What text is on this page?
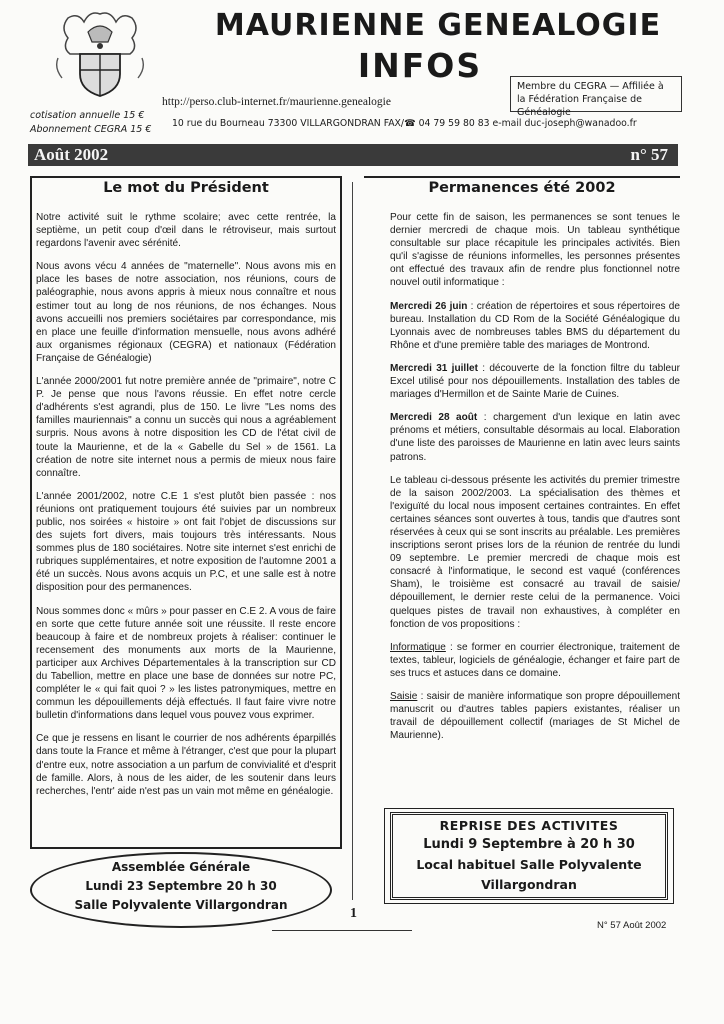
MAURIENNE GENEALOGIE
INFOS
Membre du CEGRA — Affiliée à la Fédération Française de Généalogie
http://perso.club-internet.fr/maurienne.genealogie
cotisation annuelle 15 €
Abonnement CEGRA 15 €
10 rue du Bourneau 73300 VILLARGONDRAN FAX/☎ 04 79 59 80 83 e-mail duc-joseph@wanadoo.fr
Août 2002	n° 57
Le mot du Président

Notre activité suit le rythme scolaire; avec cette rentrée, la septième, un petit coup d'œil dans le rétroviseur, mais surtout regardons l'avenir avec sérénité.

Nous avons vécu 4 années de "maternelle". Nous avons mis en place les bases de notre association, nos réunions, cours de paléographie, nous avons appris à mieux nous connaître et nous estimer tout au long de nos réunions, de nos échanges. Nous avons accueilli nos premiers sociétaires par correspondance, mis en place une feuille d'information mensuelle, nous avons adhéré aux organismes régionaux (CEGRA) et nationaux (Fédération Française de Généalogie)

L'année 2000/2001 fut notre première année de "primaire", notre C P. Je pense que nous l'avons réussie. En effet notre cercle d'adhérents s'est agrandi, plus de 150. Le livre "Les noms des familles mauriennais" a connu un succès qui nous a agréablement surpris. Nous avons à notre disposition les CD de l'état civil de toute la Maurienne, et de la « Gabelle du Sel » de 1561. La création de notre site internet nous a permis de mieux nous faire connaître.

L'année 2001/2002, notre C.E 1 s'est plutôt bien passée : nos réunions ont pratiquement toujours été suivies par un nombreux public, nos soirées « histoire » ont fait l'objet de discussions sur des sujets fort divers, mais toujours très intéressants. Nous sommes plus de 180 sociétaires. Notre site internet s'est enrichi de rubriques supplémentaires, et notre exposition de l'automne 2001 a été un succès. Nous avons acquis un P.C, et une salle est à notre disposition pour des permanences.

Nous sommes donc « mûrs » pour passer en C.E 2. A vous de faire en sorte que cette future année soit une réussite. Il reste encore beaucoup à faire et de nombreux projets à réaliser: continuer le recensement des monuments aux morts de la Maurienne, participer aux Archives Départementales à la transcription sur CD du Tabellion, mettre en place une base de données sur notre PC, compléter le « qui fait quoi ? » les listes patronymiques, mettre en commun les dépouillements déjà effectués. Il faut faire vivre notre bulletin d'informations dans lequel vous pouvez vous exprimer.

Ce que je ressens en lisant le courrier de nos adhérents éparpillés dans toute la France et même à l'étranger, c'est que pour la plupart d'entre eux, notre association a un parfum de convivialité et d'esprit de famille. Alors, à nous de les aider, de les soutenir dans leurs recherches, l'entr' aide n'est pas un vain mot même en généalogie.

Assemblée Générale
Lundi 23 Septembre 20 h 30
Salle Polyvalente Villargondran
Permanences été 2002

Pour cette fin de saison, les permanences se sont tenues le dernier mercredi de chaque mois. Un tableau synthétique consultable sur place récapitule les principales activités. Bien qu'il s'agisse de réunions informelles, les personnes présentes ont effectué des travaux afin de rendre plus fonctionnel notre nouvel outil informatique :

Mercredi 26 juin : création de répertoires et sous répertoires de bureau. Installation du CD Rom de la Société Généalogique du Lyonnais avec de nombreuses tables BMS du département du Rhône et d'une première table des mariages de Montrond.

Mercredi 31 juillet : découverte de la fonction filtre du tableur Excel utilisé pour nos dépouillements. Installation des tables de mariages d'Hermillon et de Sainte Marie de Cuines.

Mercredi 28 août : chargement d'un lexique en latin avec prénoms et métiers, consultable désormais au local. Elaboration d'une liste des paroisses de Maurienne en latin avec leurs saints patrons.

Le tableau ci-dessous présente les activités du premier trimestre de la saison 2002/2003. La spécialisation des thèmes et l'exiguïté du local nous imposent certaines contraintes. En effet certaines séances sont ouvertes à tous, tandis que d'autres sont réservées à ceux qui se sont inscrits au préalable. Les premières inscriptions seront prises lors de la réunion de rentrée du lundi 09 septembre. Le premier mercredi de chaque mois est consacré à l'informatique, le second est vaqué (conférences Sham), le troisième est consacré au travail de saisie/ dépouillement, le dernier reste celui de la permanence. Voici quelques pistes de travail non exhaustives, à compléter en fonction de vos propositions :

Informatique : se former en courrier électronique, traitement de textes, tableur, logiciels de généalogie, échanger et faire part de ses trucs et astuces dans ce domaine.

Saisie : saisir de manière informatique son propre dépouillement manuscrit ou d'autres tables papiers existantes, réaliser un travail de dépouillement collectif (mariages de St Michel de Maurienne).

REPRISE DES ACTIVITES
Lundi 9 Septembre à 20 h 30
Local habituel Salle Polyvalente
Villargondran
1
N° 57 Août 2002
